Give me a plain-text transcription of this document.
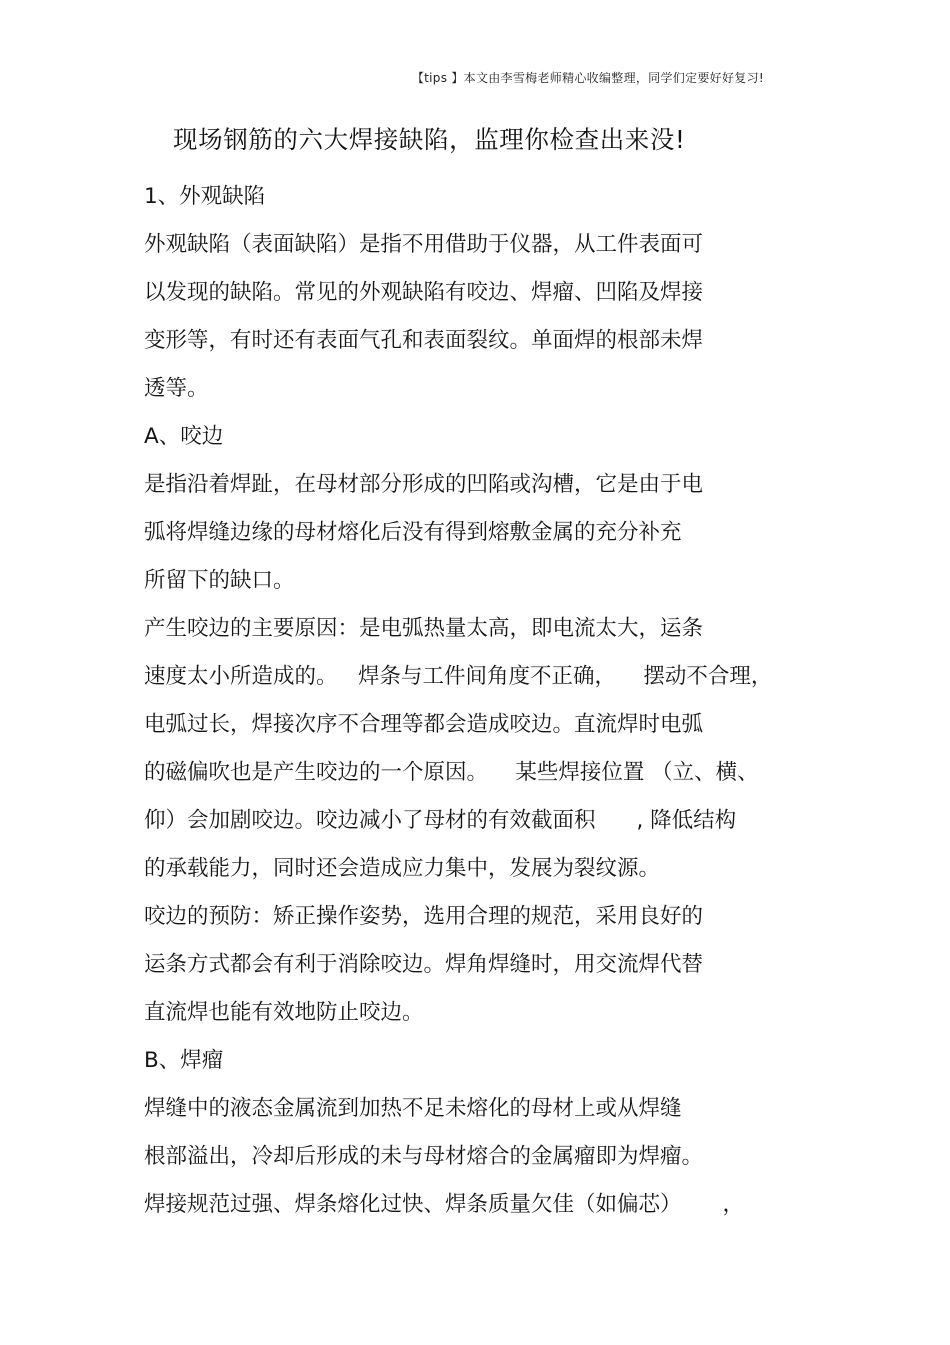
【tips 】本文由李雪梅老师精心收编整理，同学们定要好好复习!
现场钢筋的六大焊接缺陷，监理你检查出来没!
1、外观缺陷
外观缺陷（表面缺陷）是指不用借助于仪器，从工件表面可
以发现的缺陷。常见的外观缺陷有咬边、焊瘤、凹陷及焊接
变形等，有时还有表面气孔和表面裂纹。单面焊的根部未焊
透等。
A、咬边
是指沿着焊趾，在母材部分形成的凹陷或沟槽，它是由于电
弧将焊缝边缘的母材熔化后没有得到熔敷金属的充分补充
所留下的缺口。
产生咬边的主要原因：是电弧热量太高，即电流太大，运条
速度太小所造成的。   焊条与工件间角度不正确，    摆动不合理，
电弧过长，焊接次序不合理等都会造成咬边。直流焊时电弧
的磁偏吹也是产生咬边的一个原因。    某些焊接位置 （立、横、
仰）会加剧咬边。咬边减小了母材的有效截面积      , 降低结构
的承载能力，同时还会造成应力集中，发展为裂纹源。
咬边的预防：矫正操作姿势，选用合理的规范，采用良好的
运条方式都会有利于消除咬边。焊角焊缝时，用交流焊代替
直流焊也能有效地防止咬边。
B、焊瘤
焊缝中的液态金属流到加热不足未熔化的母材上或从焊缝
根部溢出，冷却后形成的未与母材熔合的金属瘤即为焊瘤。
焊接规范过强、焊条熔化过快、焊条质量欠佳（如偏芯）      ，
